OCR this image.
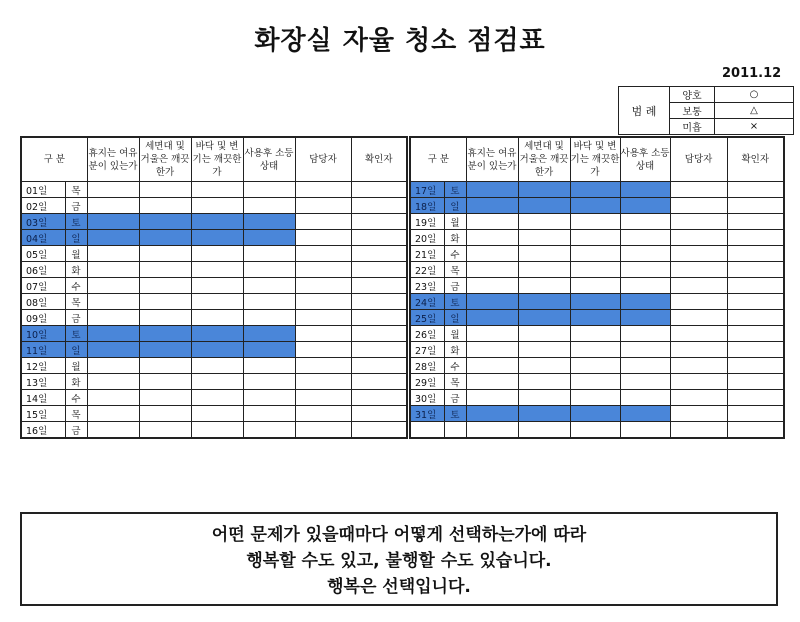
화장실 자율 청소 점검표
2011.12
범 례	양호	○
	보통	△
	미흡	×
구 분		휴지는 여유분이 있는가	세면대 및 거울은 깨끗한가	바닥 및 변기는 깨끗한가	사용후 소등상태	담당자	확인자
01일	목						
02일	금						
03일	토						
04일	일						
05일	월						
06일	화						
07일	수						
08일	목						
09일	금						
10일	토						
11일	일						
12일	월						
13일	화						
14일	수						
15일	목						
16일	금						
구 분		휴지는 여유분이 있는가	세면대 및 거울은 깨끗한가	바닥 및 변기는 깨끗한가	사용후 소등상태	담당자	확인자
17일	토						
18일	일						
19일	월						
20일	화						
21일	수						
22일	목						
23일	금						
24일	토						
25일	일						
26일	월						
27일	화						
28일	수						
29일	목						
30일	금						
31일	토						

어떤 문제가 있을때마다 어떻게 선택하는가에 따라
행복할 수도 있고, 불행할 수도 있습니다.
행복은 선택입니다.
